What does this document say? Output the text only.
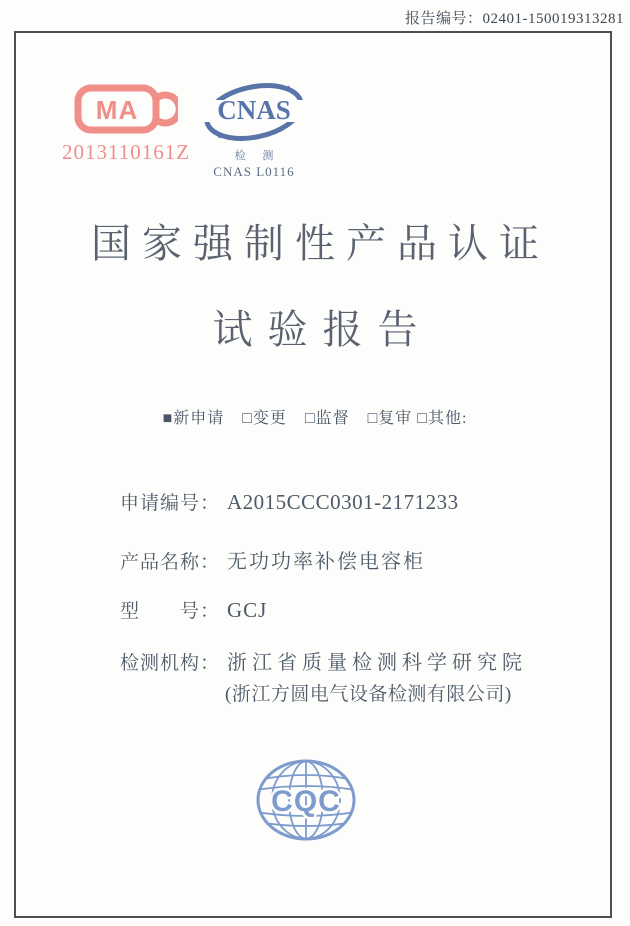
报告编号：02401-150019313281
MA
2013110161Z
CNAS
检 测
CNAS L0116
国家强制性产品认证
试验报告
■新申请 □变更 □监督 □复审 □其他:
申请编号： A2015CCC0301-2171233
产品名称： 无功功率补偿电容柜
型　　号： GCJ
检测机构： 浙江省质量检测科学研究院
(浙江方圆电气设备检测有限公司)
CQC
